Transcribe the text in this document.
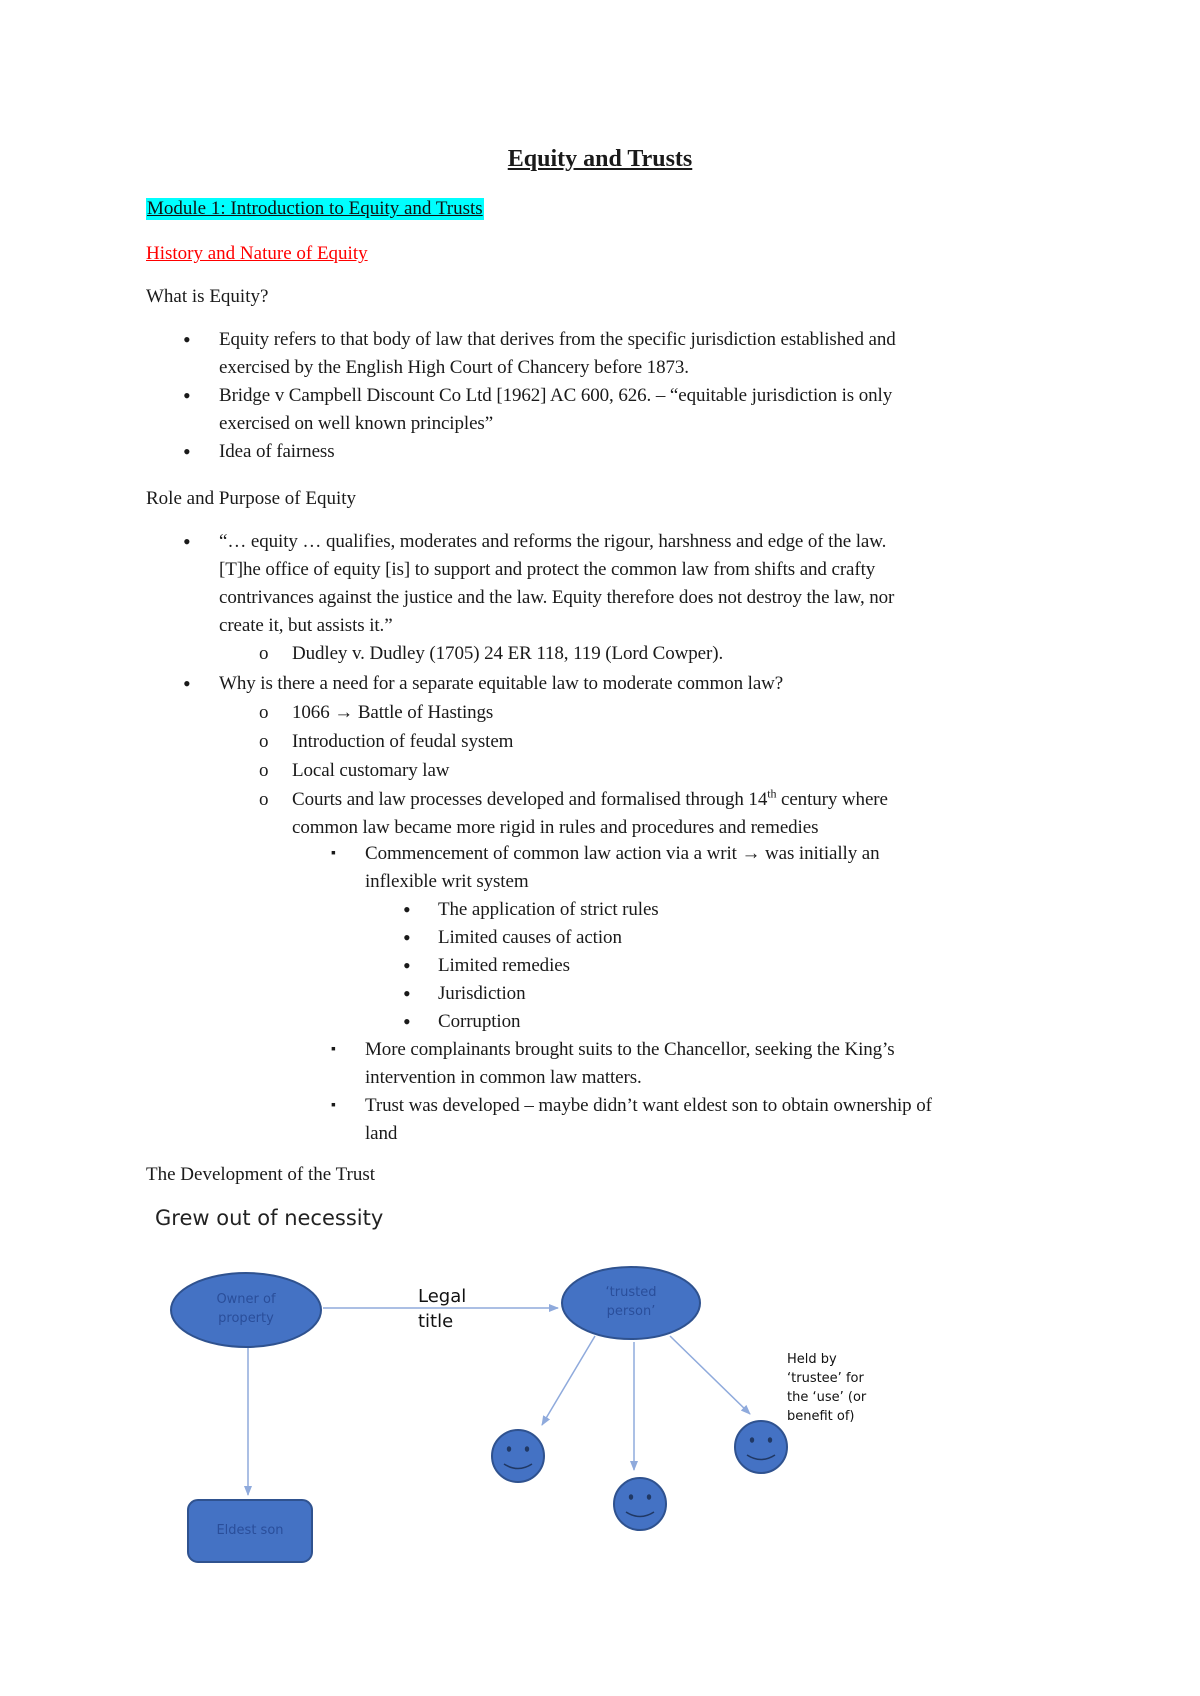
Equity and Trusts
Module 1: Introduction to Equity and Trusts
History and Nature of Equity
What is Equity?
• Equity refers to that body of law that derives from the specific jurisdiction established and
exercised by the English High Court of Chancery before 1873.
• Bridge v Campbell Discount Co Ltd [1962] AC 600, 626. – “equitable jurisdiction is only
exercised on well known principles”
• Idea of fairness
Role and Purpose of Equity
• “… equity … qualifies, moderates and reforms the rigour, harshness and edge of the law.
[T]he office of equity [is] to support and protect the common law from shifts and crafty
contrivances against the justice and the law. Equity therefore does not destroy the law, nor
create it, but assists it.”
o Dudley v. Dudley (1705) 24 ER 118, 119 (Lord Cowper).
• Why is there a need for a separate equitable law to moderate common law?
o 1066 → Battle of Hastings
o Introduction of feudal system
o Local customary law
o Courts and law processes developed and formalised through 14th century where
common law became more rigid in rules and procedures and remedies
▪ Commencement of common law action via a writ → was initially an
inflexible writ system
• The application of strict rules
• Limited causes of action
• Limited remedies
• Jurisdiction
• Corruption
▪ More complainants brought suits to the Chancellor, seeking the King’s
intervention in common law matters.
▪ Trust was developed – maybe didn’t want eldest son to obtain ownership of
land
The Development of the Trust
Grew out of necessity
Owner of
property
‘trusted
person’
Eldest son
Legal
title
Held by
‘trustee’ for
the ‘use’ (or
benefit of)
